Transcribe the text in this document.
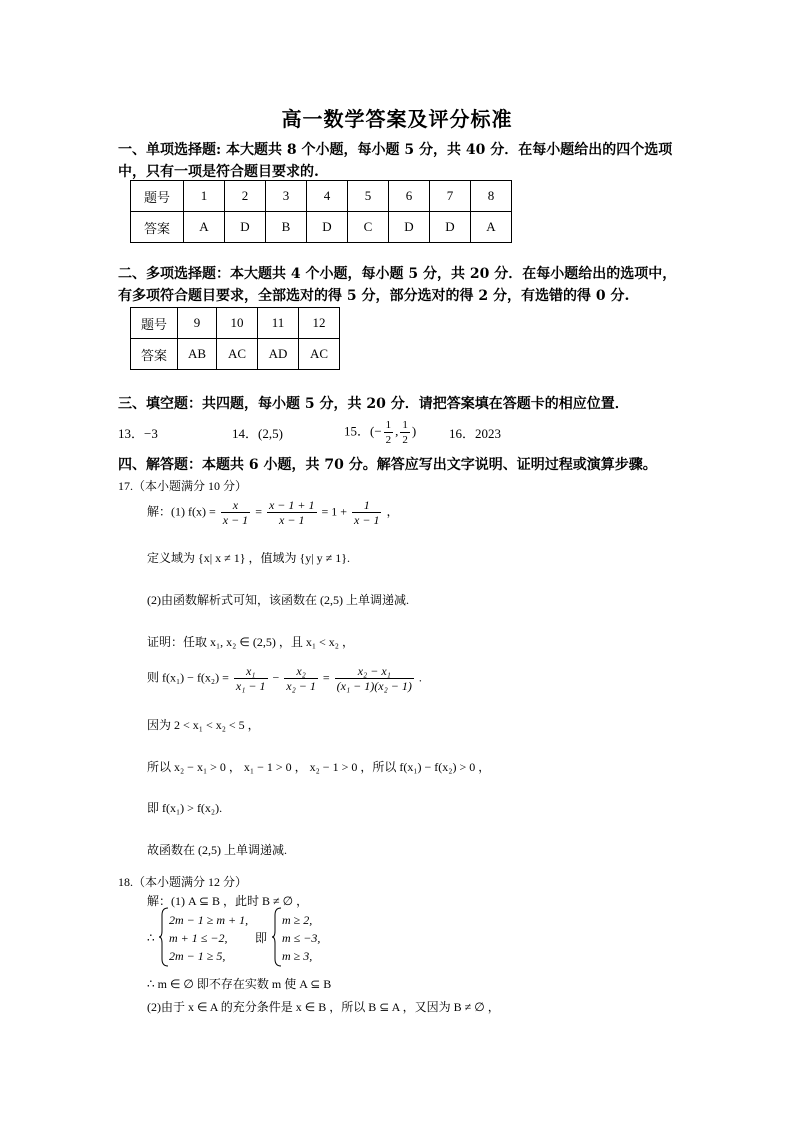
高一数学答案及评分标准
一、单项选择题: 本大题共 8 个小题，每小题 5 分，共 40 分．在每小题给出的四个选项中，只有一项是符合题目要求的.
题号	1	2	3	4	5	6	7	8
答案	A	D	B	D	C	D	D	A
二、多项选择题：本大题共 4 个小题，每小题 5 分，共 20 分．在每小题给出的选项中，有多项符合题目要求，全部选对的得 5 分，部分选对的得 2 分，有选错的得 0 分.
题号	9	10	11	12
答案	AB	AC	AD	AC
三、填空题：共四题，每小题 5 分，共 20 分．请把答案填在答题卡的相应位置．
13．−3	14．(2,5)	15．(− $\frac{1}{2}$ , $\frac{1}{2}$ )	16．2023
四、解答题：本题共 6 小题，共 70 分。解答应写出文字说明、证明过程或演算步骤。
17.（本小题满分 10 分）
解：(1) $f(x) = \frac{x}{x - 1} = \frac{x - 1 + 1}{x - 1} = 1 + \frac{1}{x - 1}$ ，
定义域为 {x| x ≠ 1} ，值域为 {y| y ≠ 1}.
(2)由函数解析式可知，该函数在 (2,5) 上单调递减.
证明：任取 x₁, x₂ ∈ (2,5) ，且 x₁ < x₂ ，
则 $f(x_1) - f(x_2) = \frac{\text{x₁}}{\text{x₁ − 1}} - \frac{\text{x₂}}{\text{x₂ − 1}} = \frac{\text{x₂ − x₁}}{\text{(x₁ − 1)(x₂ − 1)}}$ .
因为 2 < x₁ < x₂ < 5 ，
所以 x₂ − x₁ > 0 ， x₁ − 1 > 0 ， x₂ − 1 > 0 ，所以 f(x₁) − f(x₂) > 0 ，
即 f(x₁) > f(x₂).
故函数在 (2,5) 上单调递减.
18.（本小题满分 12 分）
解：(1) A ⊆ B ，此时 B ≠ ∅ ，
∴
2m − 1 ≥ m + 1,
m + 1 ≤ −2,
2m − 1 ≥ 5,
即
m ≥ 2,
m ≤ −3,
m ≥ 3,
∴ m ∈ ∅ 即不存在实数 m 使 A ⊆ B
(2)由于 x ∈ A 的充分条件是 x ∈ B ，所以 B ⊆ A ，又因为 B ≠ ∅ ，
